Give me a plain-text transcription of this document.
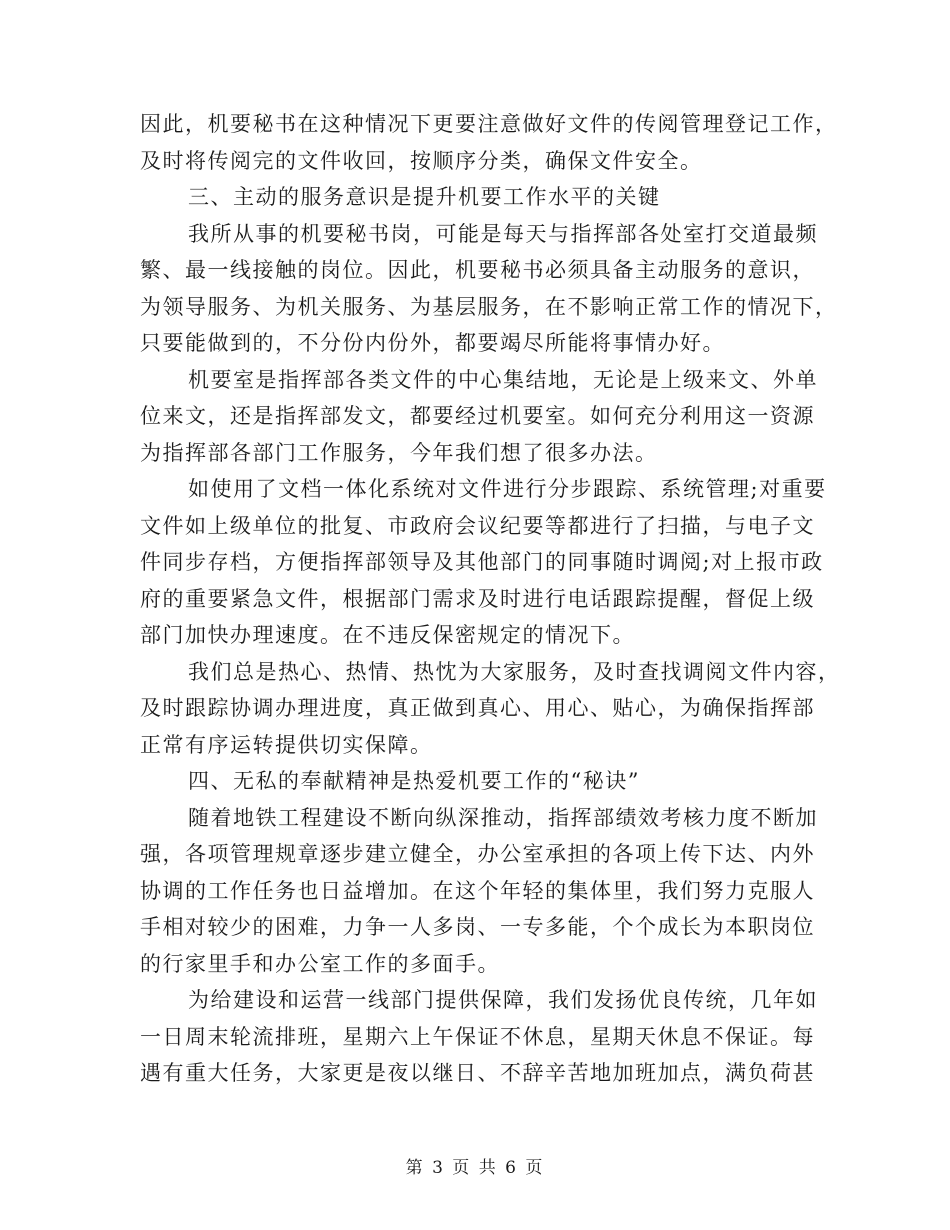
因此，机要秘书在这种情况下更要注意做好文件的传阅管理登记工作，
及时将传阅完的文件收回，按顺序分类，确保文件安全。
三、主动的服务意识是提升机要工作水平的关键
我所从事的机要秘书岗，可能是每天与指挥部各处室打交道最频
繁、最一线接触的岗位。因此，机要秘书必须具备主动服务的意识，
为领导服务、为机关服务、为基层服务，在不影响正常工作的情况下，
只要能做到的，不分份内份外，都要竭尽所能将事情办好。
机要室是指挥部各类文件的中心集结地，无论是上级来文、外单
位来文，还是指挥部发文，都要经过机要室。如何充分利用这一资源
为指挥部各部门工作服务，今年我们想了很多办法。
如使用了文档一体化系统对文件进行分步跟踪、系统管理;对重要
文件如上级单位的批复、市政府会议纪要等都进行了扫描，与电子文
件同步存档，方便指挥部领导及其他部门的同事随时调阅;对上报市政
府的重要紧急文件，根据部门需求及时进行电话跟踪提醒，督促上级
部门加快办理速度。在不违反保密规定的情况下。
我们总是热心、热情、热忱为大家服务，及时查找调阅文件内容，
及时跟踪协调办理进度，真正做到真心、用心、贴心，为确保指挥部
正常有序运转提供切实保障。
四、无私的奉献精神是热爱机要工作的“秘诀”
随着地铁工程建设不断向纵深推动，指挥部绩效考核力度不断加
强，各项管理规章逐步建立健全，办公室承担的各项上传下达、内外
协调的工作任务也日益增加。在这个年轻的集体里，我们努力克服人
手相对较少的困难，力争一人多岗、一专多能，个个成长为本职岗位
的行家里手和办公室工作的多面手。
为给建设和运营一线部门提供保障，我们发扬优良传统，几年如
一日周末轮流排班，星期六上午保证不休息，星期天休息不保证。每
遇有重大任务，大家更是夜以继日、不辞辛苦地加班加点，满负荷甚
第 3 页 共 6 页
